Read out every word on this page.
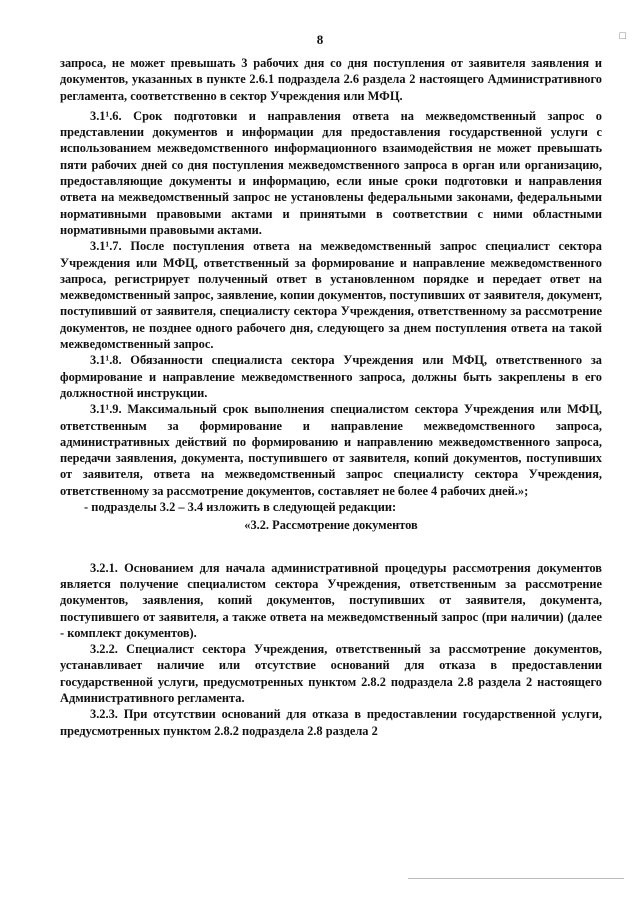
8	□

запроса, не может превышать 3 рабочих дня со дня поступления от заявителя заявления и документов, указанных в пункте 2.6.1 подраздела 2.6 раздела 2 настоящего Административного регламента, соответственно в сектор Учреждения или МФЦ.

3.1¹.6. Срок подготовки и направления ответа на межведомственный запрос о представлении документов и информации для предоставления государственной услуги с использованием межведомственного информационного взаимодействия не может превышать пяти рабочих дней со дня поступления межведомственного запроса в орган или организацию, предоставляющие документы и информацию, если иные сроки подготовки и направления ответа на межведомственный запрос не установлены федеральными законами, федеральными нормативными правовыми актами и принятыми в соответствии с ними областными нормативными правовыми актами.

3.1¹.7. После поступления ответа на межведомственный запрос специалист сектора Учреждения или МФЦ, ответственный за формирование и направление межведомственного запроса, регистрирует полученный ответ в установленном порядке и передает ответ на межведомственный запрос, заявление, копии документов, поступивших от заявителя, документ, поступивший от заявителя, специалисту сектора Учреждения, ответственному за рассмотрение документов, не позднее одного рабочего дня, следующего за днем поступления ответа на такой межведомственный запрос.

3.1¹.8. Обязанности специалиста сектора Учреждения или МФЦ, ответственного за формирование и направление межведомственного запроса, должны быть закреплены в его должностной инструкции.

3.1¹.9. Максимальный срок выполнения специалистом сектора Учреждения или МФЦ, ответственным за формирование и направление межведомственного запроса, административных действий по формированию и направлению межведомственного запроса, передачи заявления, документа, поступившего от заявителя, копий документов, поступивших от заявителя, ответа на межведомственный запрос специалисту сектора Учреждения, ответственному за рассмотрение документов, составляет не более 4 рабочих дней.»;

- подразделы 3.2 – 3.4 изложить в следующей редакции:

«3.2. Рассмотрение документов

3.2.1. Основанием для начала административной процедуры рассмотрения документов является получение специалистом сектора Учреждения, ответственным за рассмотрение документов, заявления, копий документов, поступивших от заявителя, документа, поступившего от заявителя, а также ответа на межведомственный запрос (при наличии) (далее - комплект документов).

3.2.2. Специалист сектора Учреждения, ответственный за рассмотрение документов, устанавливает наличие или отсутствие оснований для отказа в предоставлении государственной услуги, предусмотренных пунктом 2.8.2 подраздела 2.8 раздела 2 настоящего Административного регламента.

3.2.3. При отсутствии оснований для отказа в предоставлении государственной услуги, предусмотренных пунктом 2.8.2 подраздела 2.8 раздела 2
